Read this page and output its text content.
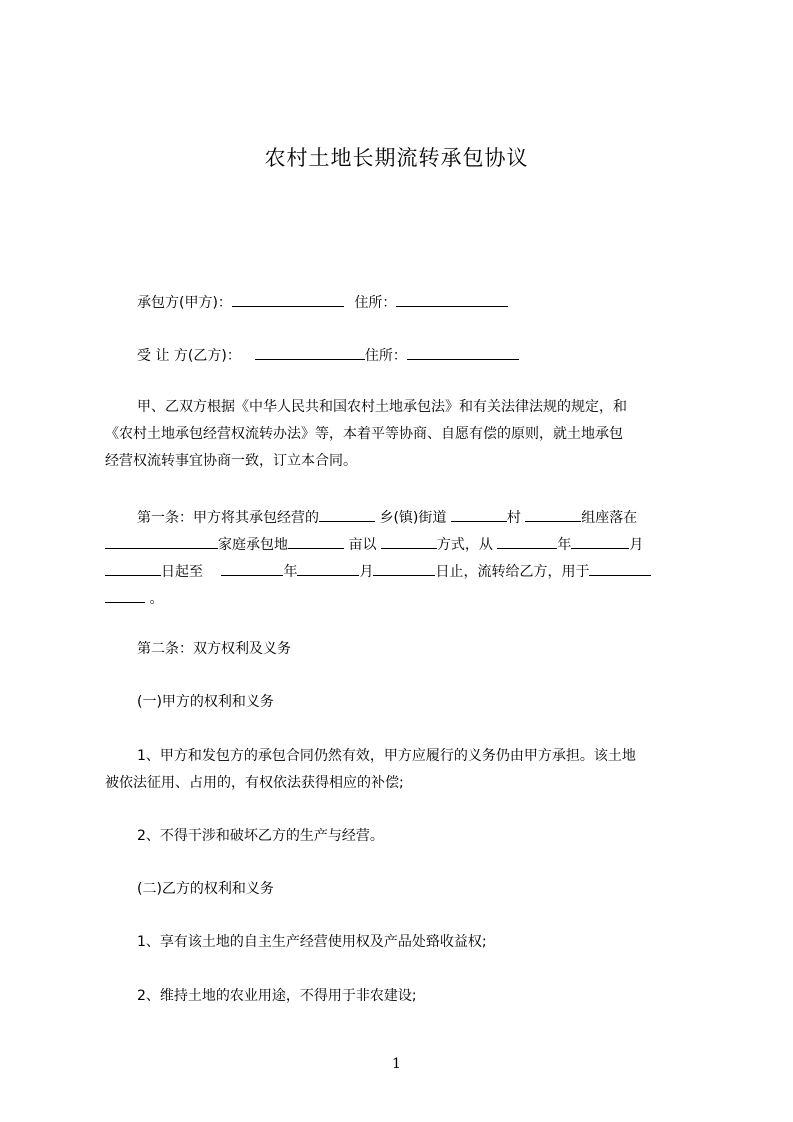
农村土地长期流转承包协议
承包方(甲方)：	住所：
受 让 方(乙方)：	住所：
甲、乙双方根据《中华人民共和国农村土地承包法》和有关法律法规的规定，和
《农村土地承包经营权流转办法》等，本着平等协商、自愿有偿的原则，就土地承包
经营权流转事宜协商一致，订立本合同。
第一条：甲方将其承包经营的	乡(镇)街道	村	组座落在
家庭承包地	亩以	方式，从	年	月
日起至	年	月	日止，流转给乙方，用于
。
第二条：双方权利及义务
(一)甲方的权利和义务
1、甲方和发包方的承包合同仍然有效，甲方应履行的义务仍由甲方承担。该土地
被依法征用、占用的，有权依法获得相应的补偿;
2、不得干涉和破坏乙方的生产与经营。
(二)乙方的权利和义务
1、享有该土地的自主生产经营使用权及产品处臵收益权;
2、维持土地的农业用途，不得用于非农建设;
1
